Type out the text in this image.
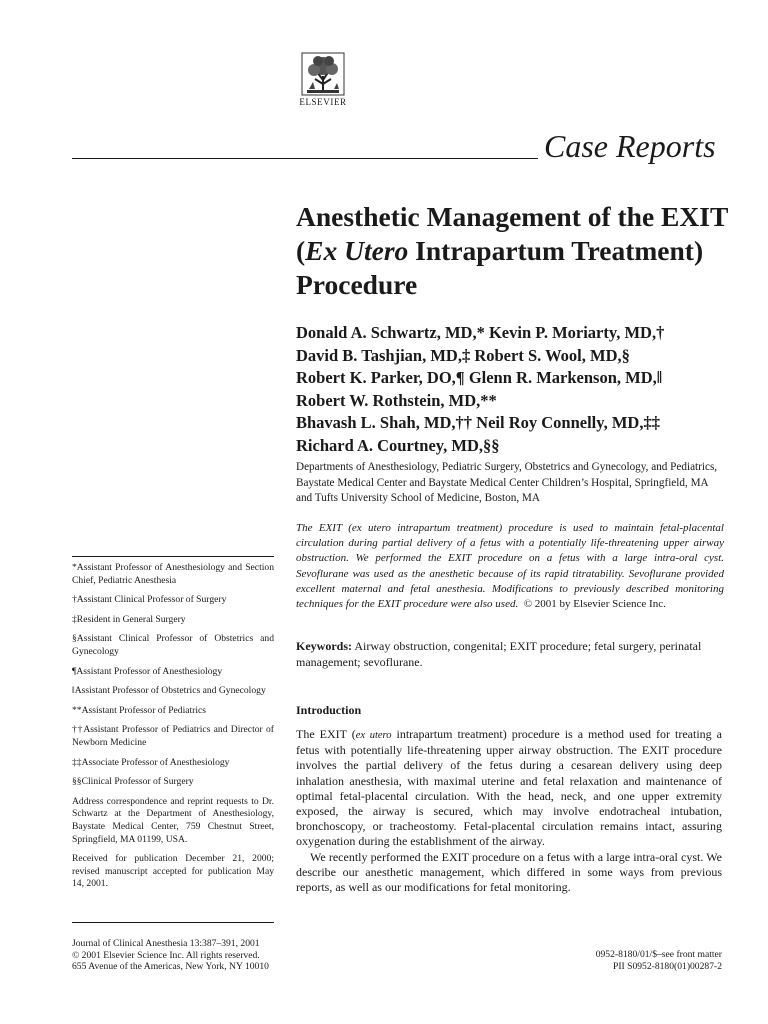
ELSEVIER
Case Reports
Anesthetic Management of the EXIT (Ex Utero Intrapartum Treatment) Procedure
Donald A. Schwartz, MD,* Kevin P. Moriarty, MD,†
David B. Tashjian, MD,‡ Robert S. Wool, MD,§
Robert K. Parker, DO,¶ Glenn R. Markenson, MD,‖
Robert W. Rothstein, MD,**
Bhavash L. Shah, MD,†† Neil Roy Connelly, MD,‡‡
Richard A. Courtney, MD,§§
Departments of Anesthesiology, Pediatric Surgery, Obstetrics and Gynecology, and Pediatrics, Baystate Medical Center and Baystate Medical Center Children’s Hospital, Springfield, MA and Tufts University School of Medicine, Boston, MA
The EXIT (ex utero intrapartum treatment) procedure is used to maintain fetal-placental circulation during partial delivery of a fetus with a potentially life-threatening upper airway obstruction. We performed the EXIT procedure on a fetus with a large intra-oral cyst. Sevoflurane was used as the anesthetic because of its rapid titratability. Sevoflurane provided excellent maternal and fetal anesthesia. Modifications to previously described monitoring techniques for the EXIT procedure were also used. © 2001 by Elsevier Science Inc.
Keywords: Airway obstruction, congenital; EXIT procedure; fetal surgery, perinatal management; sevoflurane.
Introduction

The EXIT (ex utero intrapartum treatment) procedure is a method used for treating a fetus with potentially life-threatening upper airway obstruction. The EXIT procedure involves the partial delivery of the fetus during a cesarean delivery using deep inhalation anesthesia, with maximal uterine and fetal relaxation and maintenance of optimal fetal-placental circulation. With the head, neck, and one upper extremity exposed, the airway is secured, which may involve endotracheal intubation, bronchoscopy, or tracheostomy. Fetal-placental circulation remains intact, assuring oxygenation during the establishment of the airway.

We recently performed the EXIT procedure on a fetus with a large intra-oral cyst. We describe our anesthetic management, which differed in some ways from previous reports, as well as our modifications for fetal monitoring.

*Assistant Professor of Anesthesiology and Section Chief, Pediatric Anesthesia
†Assistant Clinical Professor of Surgery
‡Resident in General Surgery
§Assistant Clinical Professor of Obstetrics and Gynecology
¶Assistant Professor of Anesthesiology
‖Assistant Professor of Obstetrics and Gynecology
**Assistant Professor of Pediatrics
††Assistant Professor of Pediatrics and Director of Newborn Medicine
‡‡Associate Professor of Anesthesiology
§§Clinical Professor of Surgery
Address correspondence and reprint requests to Dr. Schwartz at the Department of Anesthesiology, Baystate Medical Center, 759 Chestnut Street, Springfield, MA 01199, USA.
Received for publication December 21, 2000; revised manuscript accepted for publication May 14, 2001.
Journal of Clinical Anesthesia 13:387–391, 2001
© 2001 Elsevier Science Inc. All rights reserved.
655 Avenue of the Americas, New York, NY 10010
0952-8180/01/$–see front matter
PII S0952-8180(01)00287-2
